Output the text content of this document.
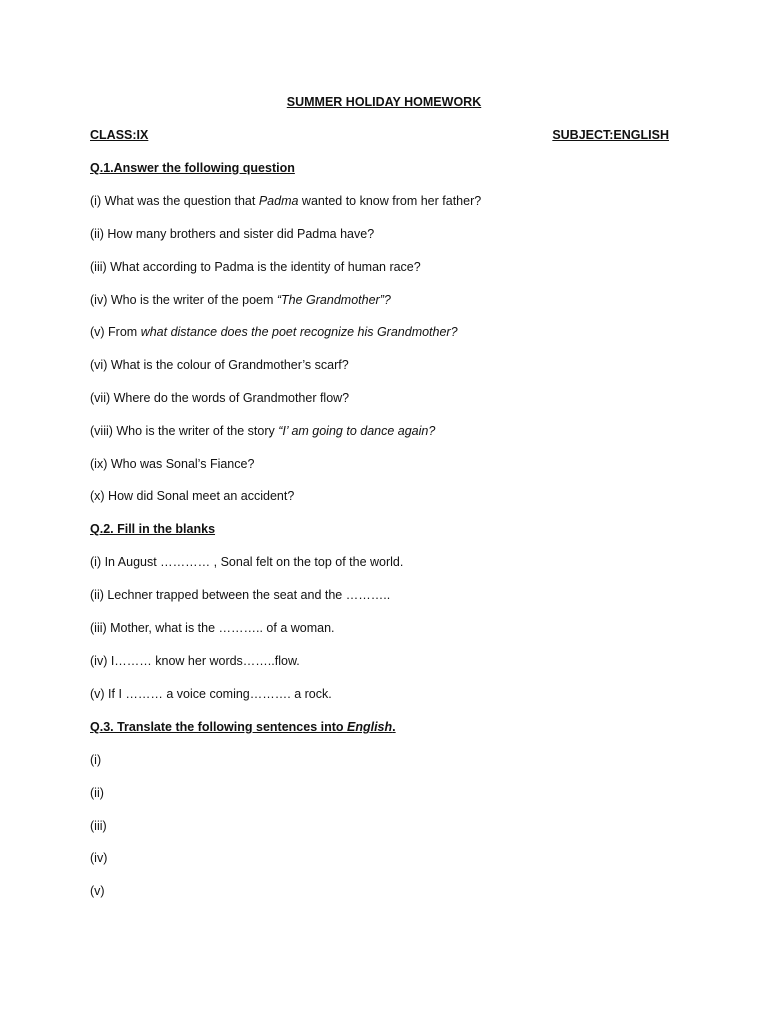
SUMMER HOLIDAY HOMEWORK
CLASS:IX	SUBJECT:ENGLISH
Q.1.Answer the following question
(i) What was the question that Padma wanted to know from her father?
(ii) How many brothers and sister did Padma have?
(iii) What according to Padma is the identity of human race?
(iv) Who is the writer of the poem “The Grandmother”?
(v) From what distance does the poet recognize his Grandmother?
(vi) What is the colour of Grandmother’s scarf?
(vii) Where do the words of Grandmother flow?
(viii) Who is the writer of the story “I’ am going to dance again?
(ix) Who was Sonal’s Fiance?
(x) How did Sonal meet an accident?
Q.2. Fill in the blanks
(i) In August ………… , Sonal felt on the top of the world.
(ii) Lechner trapped between the seat and the ………..
(iii) Mother, what is the ……….. of a woman.
(iv) I……… know her words……..flow.
(v) If I ……… a voice coming………. a rock.
Q.3. Translate the following sentences into English.
(i)
(ii)
(iii)
(iv)
(v)
